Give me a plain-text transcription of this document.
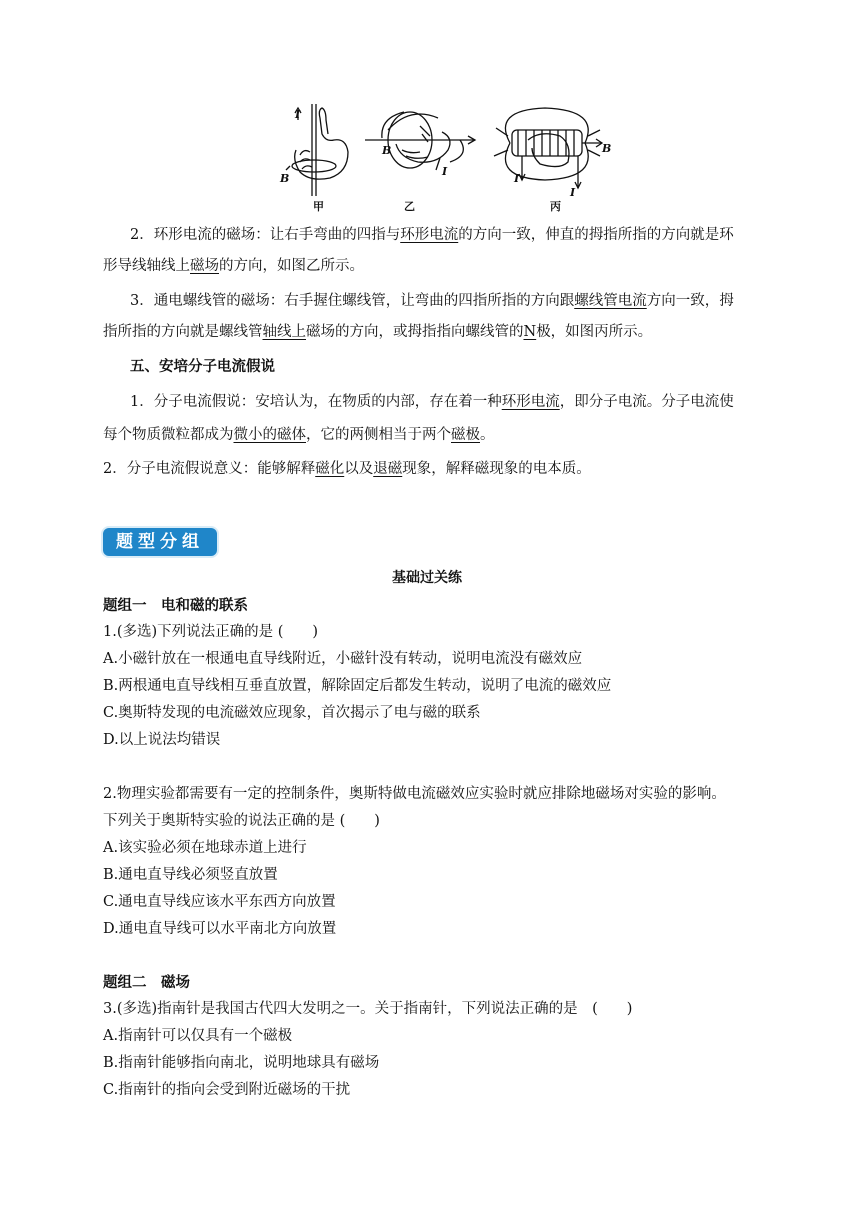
I
B
B
I
B
I
I
甲	乙	丙
2．环形电流的磁场：让右手弯曲的四指与环形电流的方向一致，伸直的拇指所指的方向就是环
形导线轴线上磁场的方向，如图乙所示。
3．通电螺线管的磁场：右手握住螺线管，让弯曲的四指所指的方向跟螺线管电流方向一致，拇
指所指的方向就是螺线管轴线上磁场的方向，或拇指指向螺线管的N极，如图丙所示。
五、安培分子电流假说
1．分子电流假说：安培认为，在物质的内部，存在着一种环形电流，即分子电流。分子电流使
每个物质微粒都成为微小的磁体，它的两侧相当于两个磁极。
2．分子电流假说意义：能够解释磁化以及退磁现象，解释磁现象的电本质。
题型分组
基础过关练
题组一　电和磁的联系
1.(多选)下列说法正确的是 (　　)
A.小磁针放在一根通电直导线附近，小磁针没有转动，说明电流没有磁效应
B.两根通电直导线相互垂直放置，解除固定后都发生转动，说明了电流的磁效应
C.奥斯特发现的电流磁效应现象，首次揭示了电与磁的联系
D.以上说法均错误
2.物理实验都需要有一定的控制条件，奥斯特做电流磁效应实验时就应排除地磁场对实验的影响。
下列关于奥斯特实验的说法正确的是 (　　)
A.该实验必须在地球赤道上进行
B.通电直导线必须竖直放置
C.通电直导线应该水平东西方向放置
D.通电直导线可以水平南北方向放置
题组二　磁场
3.(多选)指南针是我国古代四大发明之一。关于指南针，下列说法正确的是　(　　)
A.指南针可以仅具有一个磁极
B.指南针能够指向南北，说明地球具有磁场
C.指南针的指向会受到附近磁场的干扰
